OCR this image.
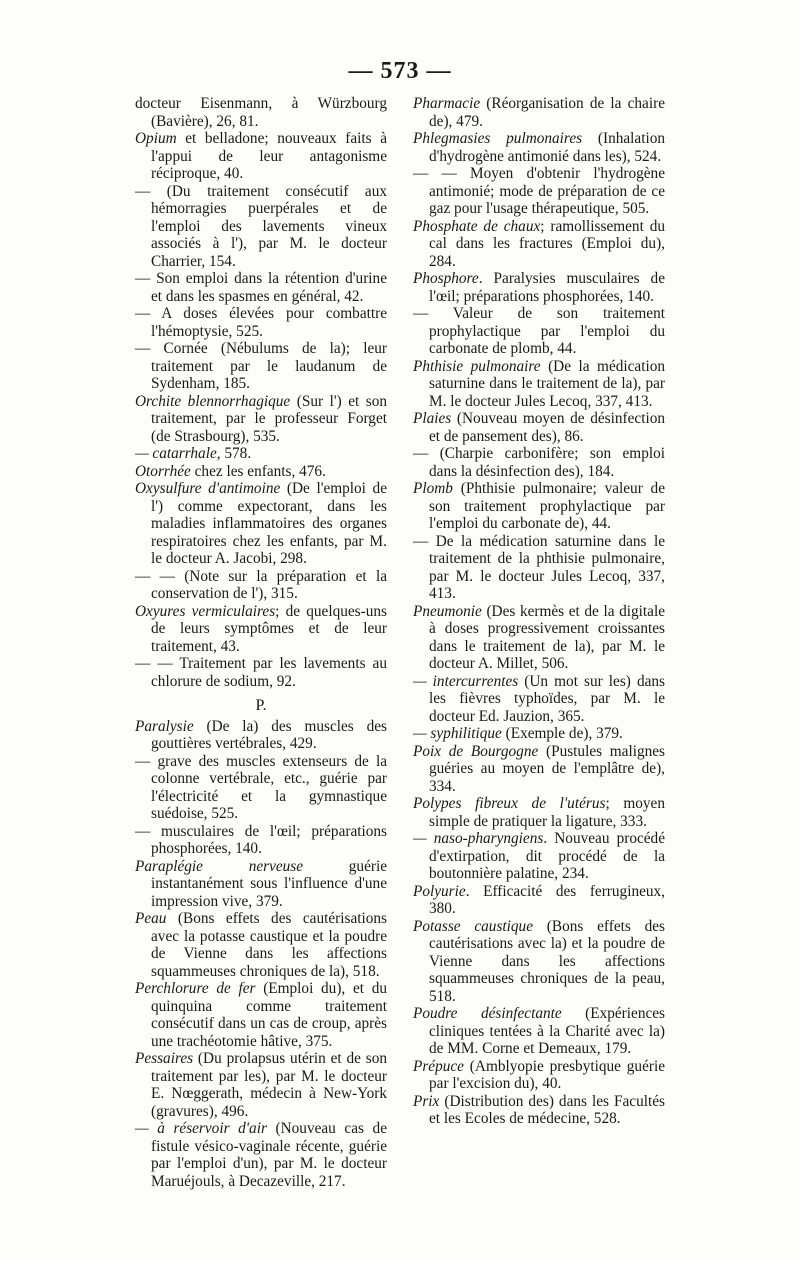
— 573 —

docteur Eisenmann, à Würzbourg (Bavière), 26, 81.

Opium et belladone; nouveaux faits à l'appui de leur antagonisme réciproque, 40.

— (Du traitement consécutif aux hémorragies puerpérales et de l'emploi des lavements vineux associés à l'), par M. le docteur Charrier, 154.

— Son emploi dans la rétention d'urine et dans les spasmes en général, 42.

— A doses élevées pour combattre l'hémoptysie, 525.

— Cornée (Nébulums de la); leur traitement par le laudanum de Sydenham, 185.

Orchite blennorrhagique (Sur l') et son traitement, par le professeur Forget (de Strasbourg), 535.

— catarrhale, 578.

Otorrhée chez les enfants, 476.

Oxysulfure d'antimoine (De l'emploi de l') comme expectorant, dans les maladies inflammatoires des organes respiratoires chez les enfants, par M. le docteur A. Jacobi, 298.

— — (Note sur la préparation et la conservation de l'), 315.

Oxyures vermiculaires; de quelques-uns de leurs symptômes et de leur traitement, 43.

— — Traitement par les lavements au chlorure de sodium, 92.

P.

Paralysie (De la) des muscles des gouttières vertébrales, 429.

— grave des muscles extenseurs de la colonne vertébrale, etc., guérie par l'électricité et la gymnastique suédoise, 525.

— musculaires de l'œil; préparations phosphorées, 140.

Paraplégie nerveuse guérie instantanément sous l'influence d'une impression vive, 379.

Peau (Bons effets des cautérisations avec la potasse caustique et la poudre de Vienne dans les affections squammeuses chroniques de la), 518.

Perchlorure de fer (Emploi du), et du quinquina comme traitement consécutif dans un cas de croup, après une trachéotomie hâtive, 375.

Pessaires (Du prolapsus utérin et de son traitement par les), par M. le docteur E. Nœggerath, médecin à New-York (gravures), 496.

— à réservoir d'air (Nouveau cas de fistule vésico-vaginale récente, guérie par l'emploi d'un), par M. le docteur Maruéjouls, à Decazeville, 217.

Pharmacie (Réorganisation de la chaire de), 479.

Phlegmasies pulmonaires (Inhalation d'hydrogène antimonié dans les), 524.

— — Moyen d'obtenir l'hydrogène antimonié; mode de préparation de ce gaz pour l'usage thérapeutique, 505.

Phosphate de chaux; ramollissement du cal dans les fractures (Emploi du), 284.

Phosphore. Paralysies musculaires de l'œil; préparations phosphorées, 140.

— Valeur de son traitement prophylactique par l'emploi du carbonate de plomb, 44.

Phthisie pulmonaire (De la médication saturnine dans le traitement de la), par M. le docteur Jules Lecoq, 337, 413.

Plaies (Nouveau moyen de désinfection et de pansement des), 86.

— (Charpie carbonifère; son emploi dans la désinfection des), 184.

Plomb (Phthisie pulmonaire; valeur de son traitement prophylactique par l'emploi du carbonate de), 44.

— De la médication saturnine dans le traitement de la phthisie pulmonaire, par M. le docteur Jules Lecoq, 337, 413.

Pneumonie (Des kermès et de la digitale à doses progressivement croissantes dans le traitement de la), par M. le docteur A. Millet, 506.

— intercurrentes (Un mot sur les) dans les fièvres typhoïdes, par M. le docteur Ed. Jauzion, 365.

— syphilitique (Exemple de), 379.

Poix de Bourgogne (Pustules malignes guéries au moyen de l'emplâtre de), 334.

Polypes fibreux de l'utérus; moyen simple de pratiquer la ligature, 333.

— naso-pharyngiens. Nouveau procédé d'extirpation, dit procédé de la boutonnière palatine, 234.

Polyurie. Efficacité des ferrugineux, 380.

Potasse caustique (Bons effets des cautérisations avec la) et la poudre de Vienne dans les affections squammeuses chroniques de la peau, 518.

Poudre désinfectante (Expériences cliniques tentées à la Charité avec la) de MM. Corne et Demeaux, 179.

Prépuce (Amblyopie presbytique guérie par l'excision du), 40.

Prix (Distribution des) dans les Facultés et les Ecoles de médecine, 528.
